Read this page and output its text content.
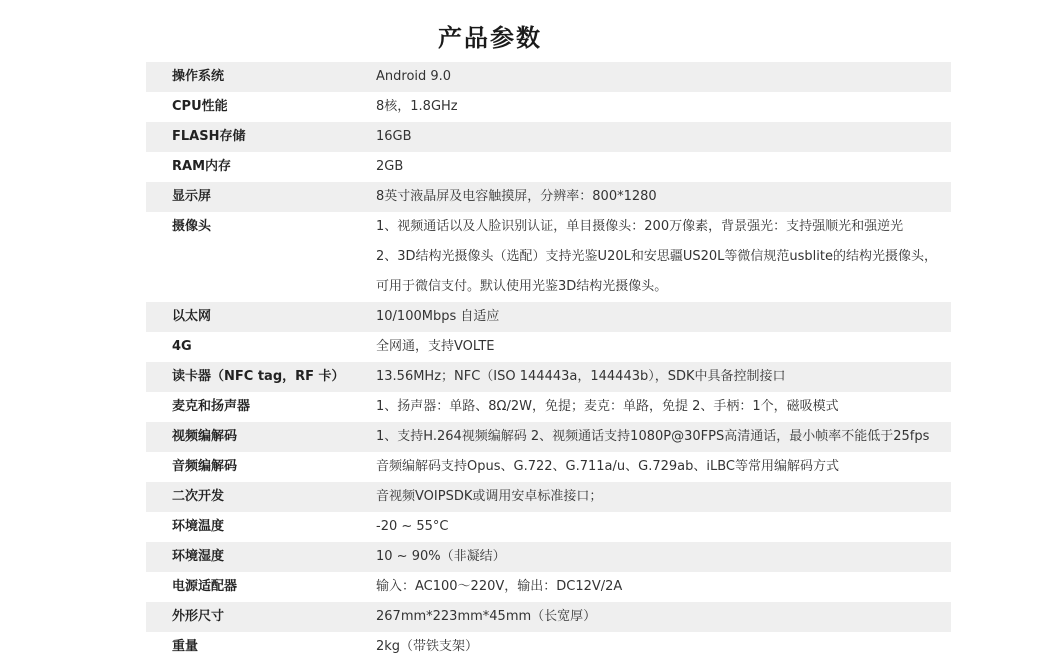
产品参数
操作系统	Android 9.0
CPU性能	8核，1.8GHz
FLASH存储	16GB
RAM内存	2GB
显示屏	8英寸液晶屏及电容触摸屏，分辨率：800*1280
摄像头	1、视频通话以及人脸识别认证，单目摄像头：200万像素，背景强光：支持强顺光和强逆光
2、3D结构光摄像头（选配）支持光鉴U20L和安思疆US20L等微信规范usblite的结构光摄像头，
可用于微信支付。默认使用光鉴3D结构光摄像头。
以太网	10/100Mbps 自适应
4G	全网通，支持VOLTE
读卡器（NFC tag，RF 卡）	13.56MHz；NFC（ISO 144443a，144443b），SDK中具备控制接口
麦克和扬声器	1、扬声器：单路、8Ω/2W，免提；麦克：单路，免提 2、手柄：1个，磁吸模式
视频编解码	1、支持H.264视频编解码 2、视频通话支持1080P@30FPS高清通话，最小帧率不能低于25fps
音频编解码	音频编解码支持Opus、G.722、G.711a/u、G.729ab、iLBC等常用编解码方式
二次开发	音视频VOIPSDK或调用安卓标准接口；
环境温度	-20 ~ 55°C
环境湿度	10 ~ 90%（非凝结）
电源适配器	输入：AC100～220V，输出：DC12V/2A
外形尺寸	267mm*223mm*45mm（长宽厚）
重量	2kg（带铁支架）
